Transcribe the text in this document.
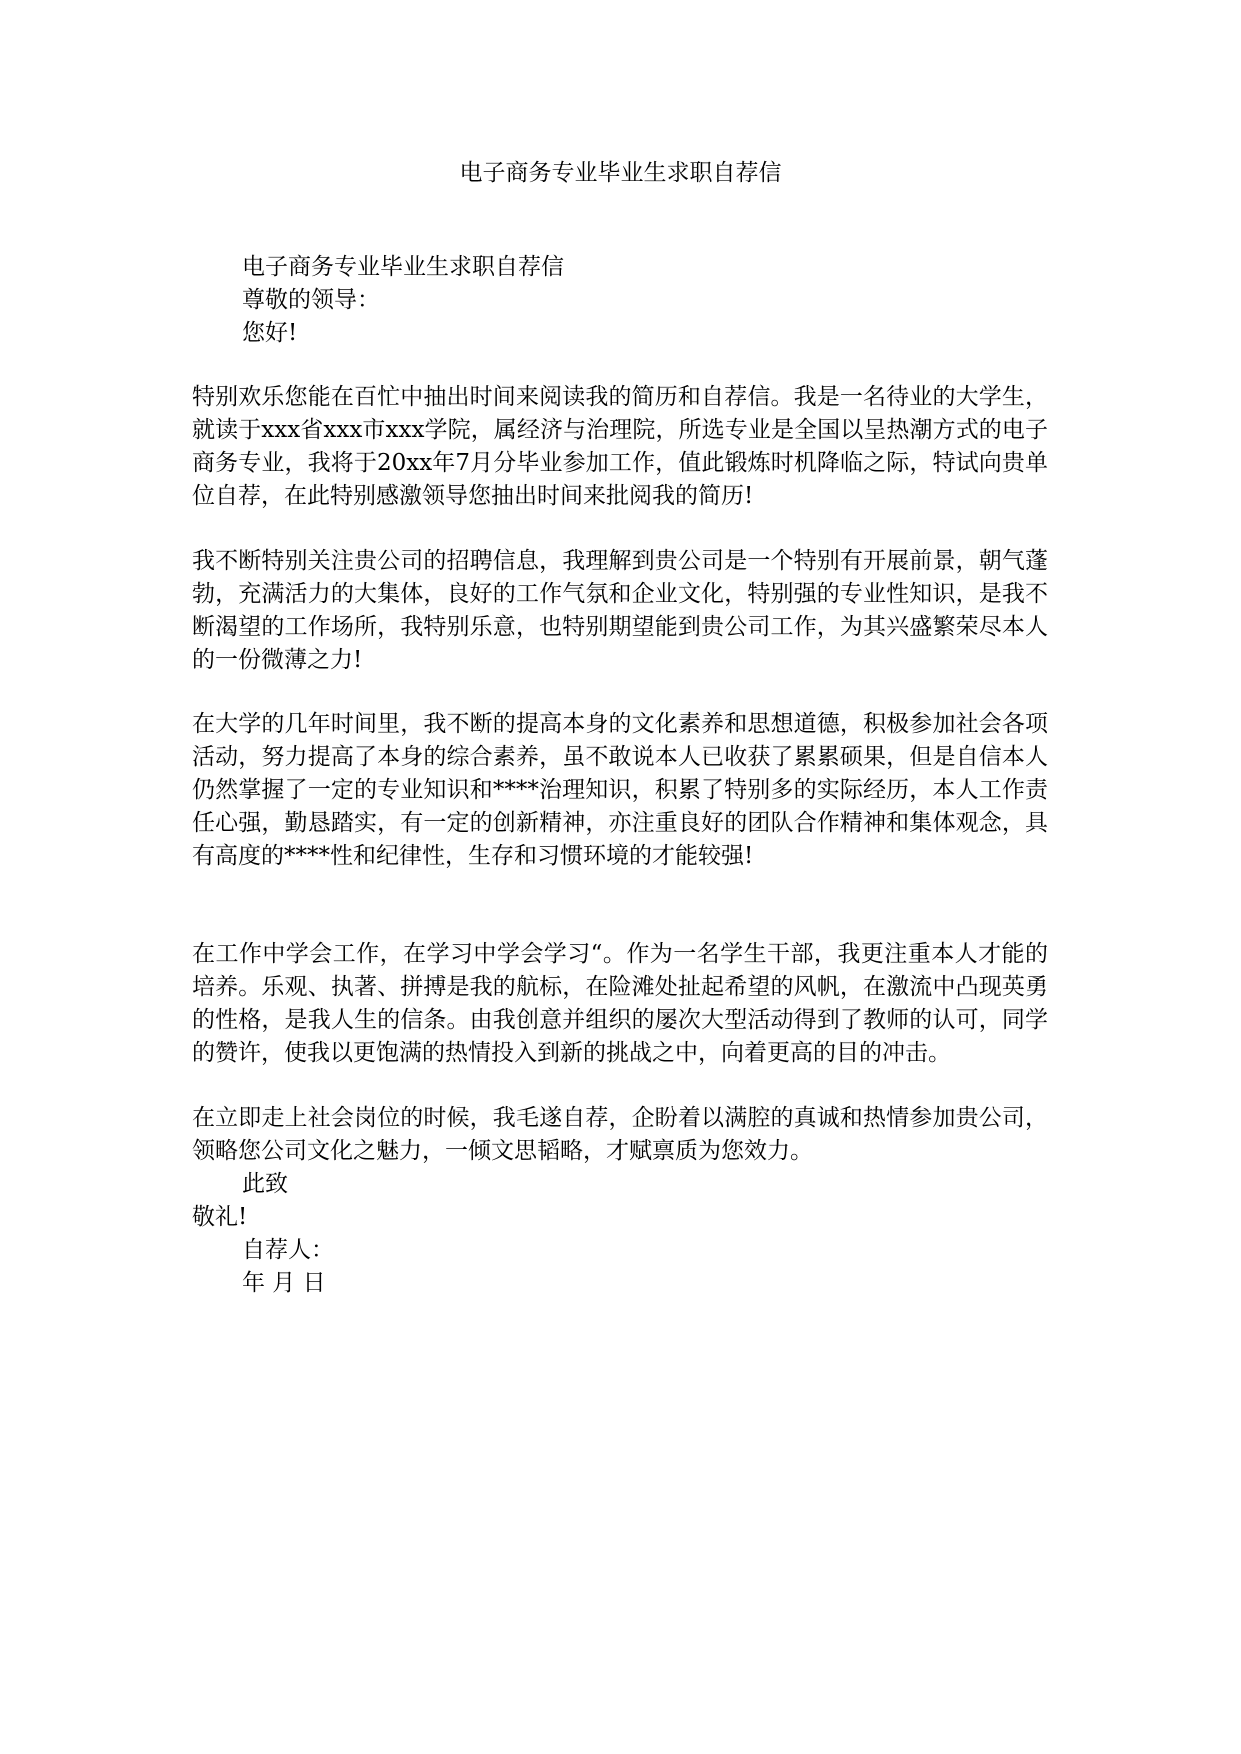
电子商务专业毕业生求职自荐信
电子商务专业毕业生求职自荐信
尊敬的领导：
您好!
特别欢乐您能在百忙中抽出时间来阅读我的简历和自荐信。我是一名待业的大学生，就读于xxx省xxx市xxx学院，属经济与治理院，所选专业是全国以呈热潮方式的电子商务专业，我将于20xx年7月分毕业参加工作，值此锻炼时机降临之际，特试向贵单位自荐，在此特别感激领导您抽出时间来批阅我的简历!
我不断特别关注贵公司的招聘信息，我理解到贵公司是一个特别有开展前景，朝气蓬勃，充满活力的大集体，良好的工作气氛和企业文化，特别强的专业性知识，是我不断渴望的工作场所，我特别乐意，也特别期望能到贵公司工作，为其兴盛繁荣尽本人的一份微薄之力!
在大学的几年时间里，我不断的提高本身的文化素养和思想道德，积极参加社会各项活动，努力提高了本身的综合素养，虽不敢说本人已收获了累累硕果，但是自信本人仍然掌握了一定的专业知识和****治理知识，积累了特别多的实际经历，本人工作责任心强，勤恳踏实，有一定的创新精神，亦注重良好的团队合作精神和集体观念，具有高度的****性和纪律性，生存和习惯环境的才能较强!
在工作中学会工作，在学习中学会学习“。作为一名学生干部，我更注重本人才能的培养。乐观、执著、拼搏是我的航标，在险滩处扯起希望的风帆，在激流中凸现英勇的性格，是我人生的信条。由我创意并组织的屡次大型活动得到了教师的认可，同学的赞许，使我以更饱满的热情投入到新的挑战之中，向着更高的目的冲击。
在立即走上社会岗位的时候，我毛遂自荐，企盼着以满腔的真诚和热情参加贵公司，领略您公司文化之魅力，一倾文思韬略，才赋禀质为您效力。
此致
敬礼!
自荐人：
年 月 日
